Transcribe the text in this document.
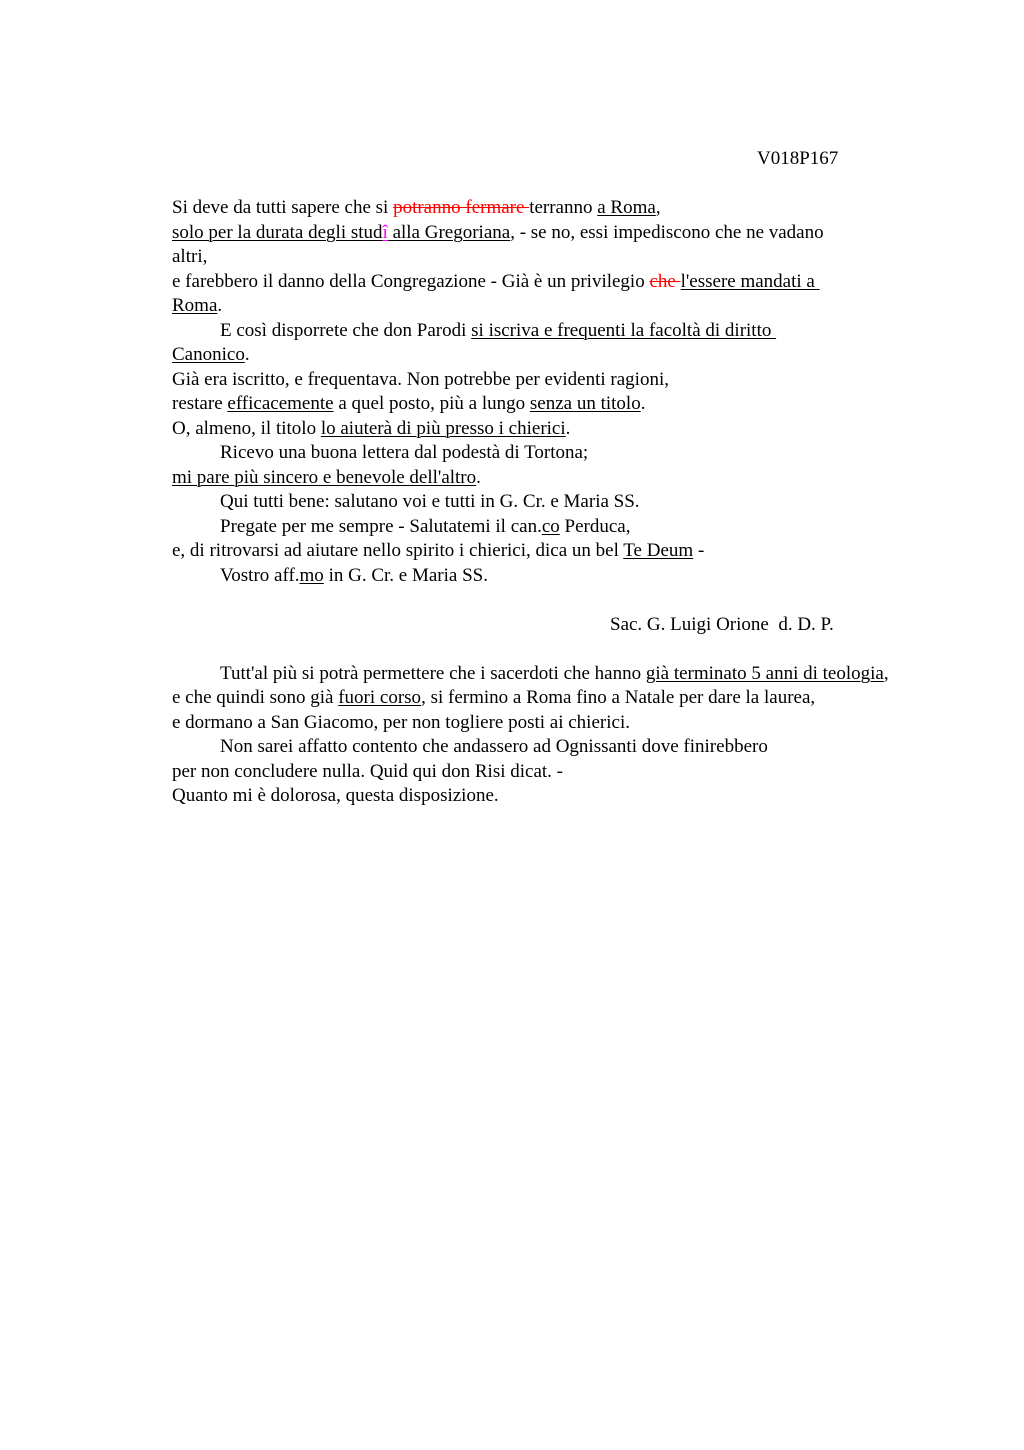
V018P167
Si deve da tutti sapere che si potranno fermare terranno a Roma,
solo per la durata degli studî alla Gregoriana, - se no, essi impediscono che ne vadano
altri,
e farebbero il danno della Congregazione - Già è un privilegio che l'essere mandati a
Roma.
E così disporrete che don Parodi si iscriva e frequenti la facoltà di diritto
Canonico.
Già era iscritto, e frequentava. Non potrebbe per evidenti ragioni,
restare efficacemente a quel posto, più a lungo senza un titolo.
O, almeno, il titolo lo aiuterà di più presso i chierici.
Ricevo una buona lettera dal podestà di Tortona;
mi pare più sincero e benevole dell'altro.
Qui tutti bene: salutano voi e tutti in G. Cr. e Maria SS.
Pregate per me sempre - Salutatemi il can.co Perduca,
e, di ritrovarsi ad aiutare nello spirito i chierici, dica un bel Te Deum -
Vostro aff.mo in G. Cr. e Maria SS.
Sac. G. Luigi Orione  d. D. P.
Tutt'al più si potrà permettere che i sacerdoti che hanno già terminato 5 anni di teologia,
e che quindi sono già fuori corso, si fermino a Roma fino a Natale per dare la laurea,
e dormano a San Giacomo, per non togliere posti ai chierici.
Non sarei affatto contento che andassero ad Ognissanti dove finirebbero
per non concludere nulla. Quid qui don Risi dicat. -
Quanto mi è dolorosa, questa disposizione.
